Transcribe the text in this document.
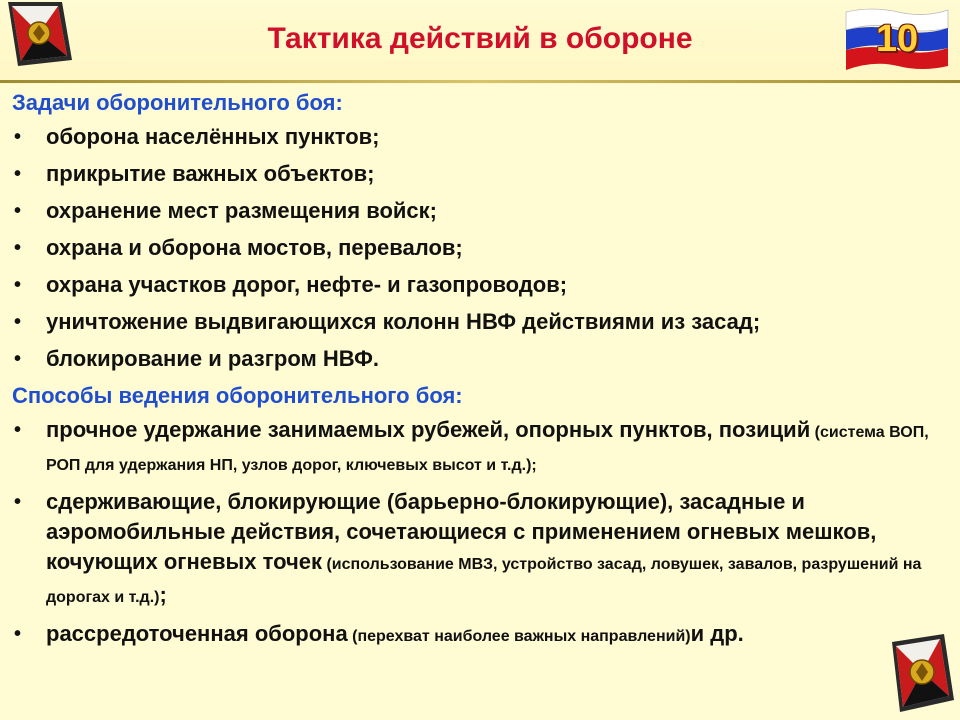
10
Тактика действий в обороне
Задачи оборонительного боя:
• оборона населённых пунктов;
• прикрытие важных объектов;
• охранение мест размещения войск;
• охрана и оборона мостов, перевалов;
• охрана участков дорог, нефте- и газопроводов;
• уничтожение выдвигающихся колонн НВФ действиями из засад;
• блокирование и разгром НВФ.
Способы ведения оборонительного боя:
• прочное удержание занимаемых рубежей, опорных пунктов, позиций (система ВОП, РОП для удержания НП, узлов дорог, ключевых высот и т.д.);
• сдерживающие, блокирующие (барьерно-блокирующие), засадные и аэромобильные действия, сочетающиеся с применением огневых мешков, кочующих огневых точек (использование МВЗ, устройство засад, ловушек, завалов, разрушений на дорогах и т.д.);
• рассредоточенная оборона (перехват наиболее важных направлений)и др.
